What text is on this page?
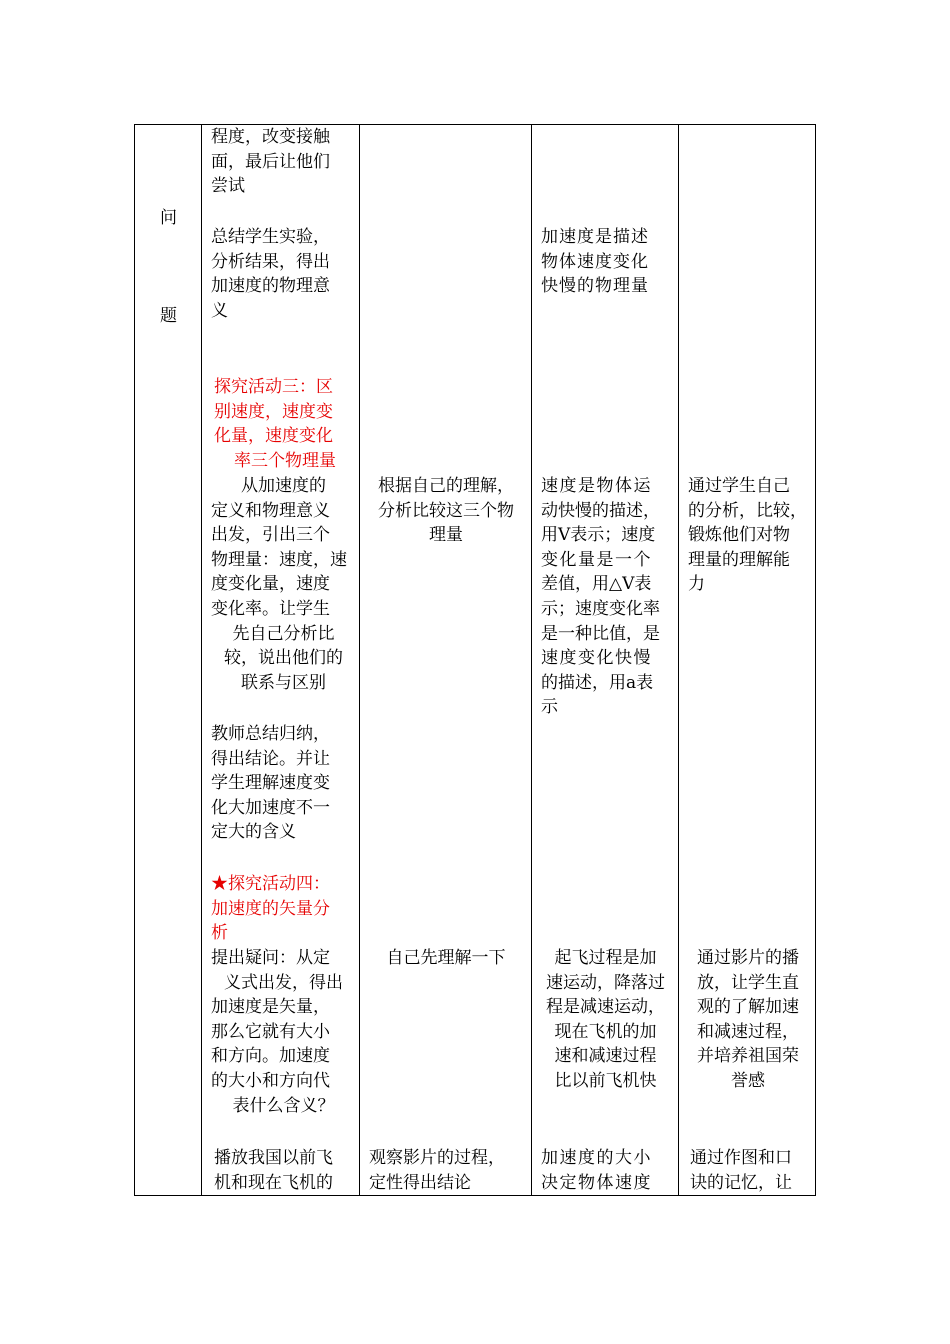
问
题
程度，改变接触
面，最后让他们
尝试
总结学生实验，
分析结果，得出
加速度的物理意
义
探究活动三：区
别速度，速度变
化量，速度变化
率三个物理量
从加速度的
定义和物理意义
出发，引出三个
物理量：速度，速
度变化量，速度
变化率。让学生
先自己分析比
较，说出他们的
联系与区别
教师总结归纳，
得出结论。并让
学生理解速度变
化大加速度不一
定大的含义
★探究活动四：
加速度的矢量分
析
提出疑问：从定
义式出发，得出
加速度是矢量，
那么它就有大小
和方向。加速度
的大小和方向代
表什么含义？
播放我国以前飞
机和现在飞机的
根据自己的理解，
分析比较这三个物
理量
自己先理解一下
观察影片的过程，
定性得出结论
加速度是描述
物体速度变化
快慢的物理量
速度是物体运
动快慢的描述，
用V表示；速度
变化量是一个
差值，用△V表
示；速度变化率
是一种比值，是
速度变化快慢
的描述，用a表
示
起飞过程是加
速运动，降落过
程是减速运动，
现在飞机的加
速和减速过程
比以前飞机快
加速度的大小
决定物体速度
通过学生自己
的分析，比较，
锻炼他们对物
理量的理解能
力
通过影片的播
放，让学生直
观的了解加速
和减速过程，
并培养祖国荣
誉感
通过作图和口
诀的记忆，让
